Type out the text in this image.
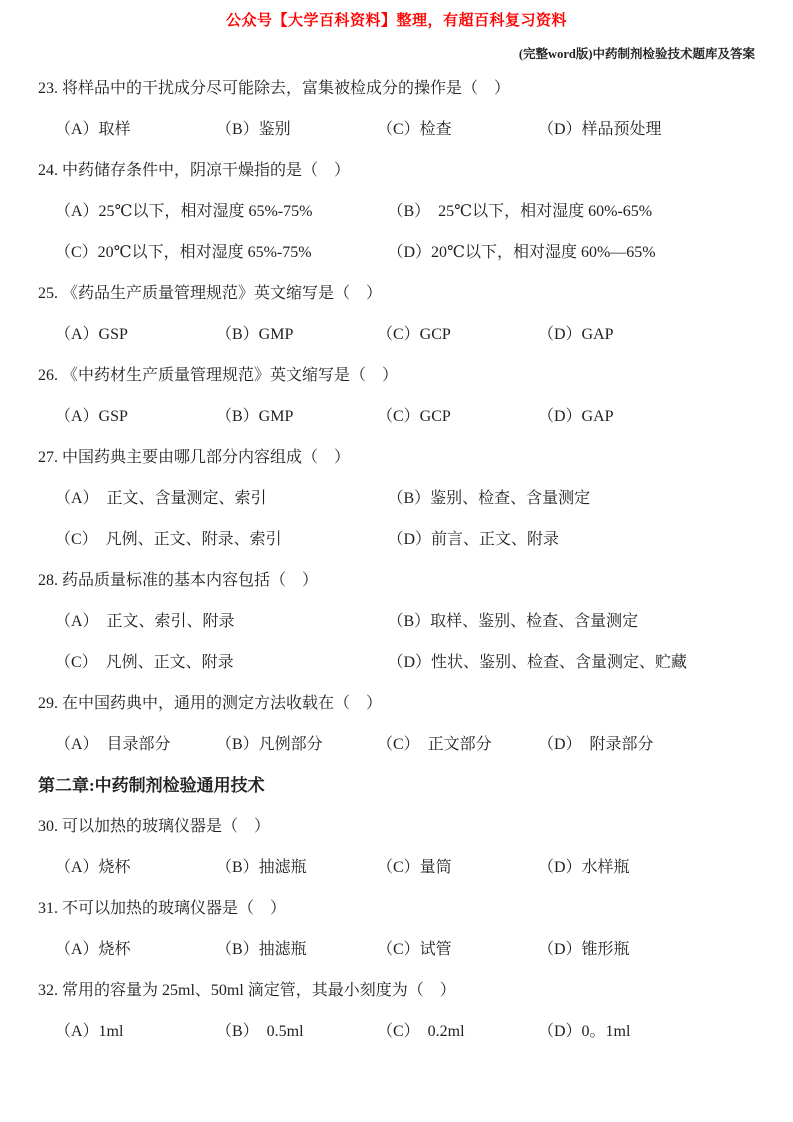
公众号【大学百科资料】整理，有超百科复习资料
(完整word版)中药制剂检验技术题库及答案
23. 将样品中的干扰成分尽可能除去，富集被检成分的操作是（　）
（A）取样	（B）鉴别	（C）检查	（D）样品预处理
24. 中药储存条件中，阴凉干燥指的是（　）
（A）25℃以下，相对湿度 65%-75%	（B）　25℃以下，相对湿度 60%-65%
（C）20℃以下，相对湿度 65%-75%	（D）20℃以下，相对湿度 60%—65%
25. 《药品生产质量管理规范》英文缩写是（　）
（A）GSP	（B）GMP	（C）GCP	（D）GAP
26. 《中药材生产质量管理规范》英文缩写是（　）
（A）GSP	（B）GMP	（C）GCP	（D）GAP
27. 中国药典主要由哪几部分内容组成（　）
（A）　正文、含量测定、索引	（B）鉴别、检查、含量测定
（C）　凡例、正文、附录、索引	（D）前言、正文、附录
28. 药品质量标准的基本内容包括（　）
（A）　正文、索引、附录	（B）取样、鉴别、检查、含量测定
（C）　凡例、正文、附录	（D）性状、鉴别、检查、含量测定、贮藏
29. 在中国药典中，通用的测定方法收载在（　）
（A）　目录部分	（B）凡例部分	（C）　正文部分	（D）　附录部分
第二章:中药制剂检验通用技术
30. 可以加热的玻璃仪器是（　）
（A）烧杯	（B）抽滤瓶	（C）量筒	（D）水样瓶
31. 不可以加热的玻璃仪器是（　）
（A）烧杯	（B）抽滤瓶	（C）试管	（D）锥形瓶
32. 常用的容量为 25ml、50ml 滴定管，其最小刻度为（　）
（A）1ml	（B）　0.5ml	（C）　0.2ml	（D）0。1ml
